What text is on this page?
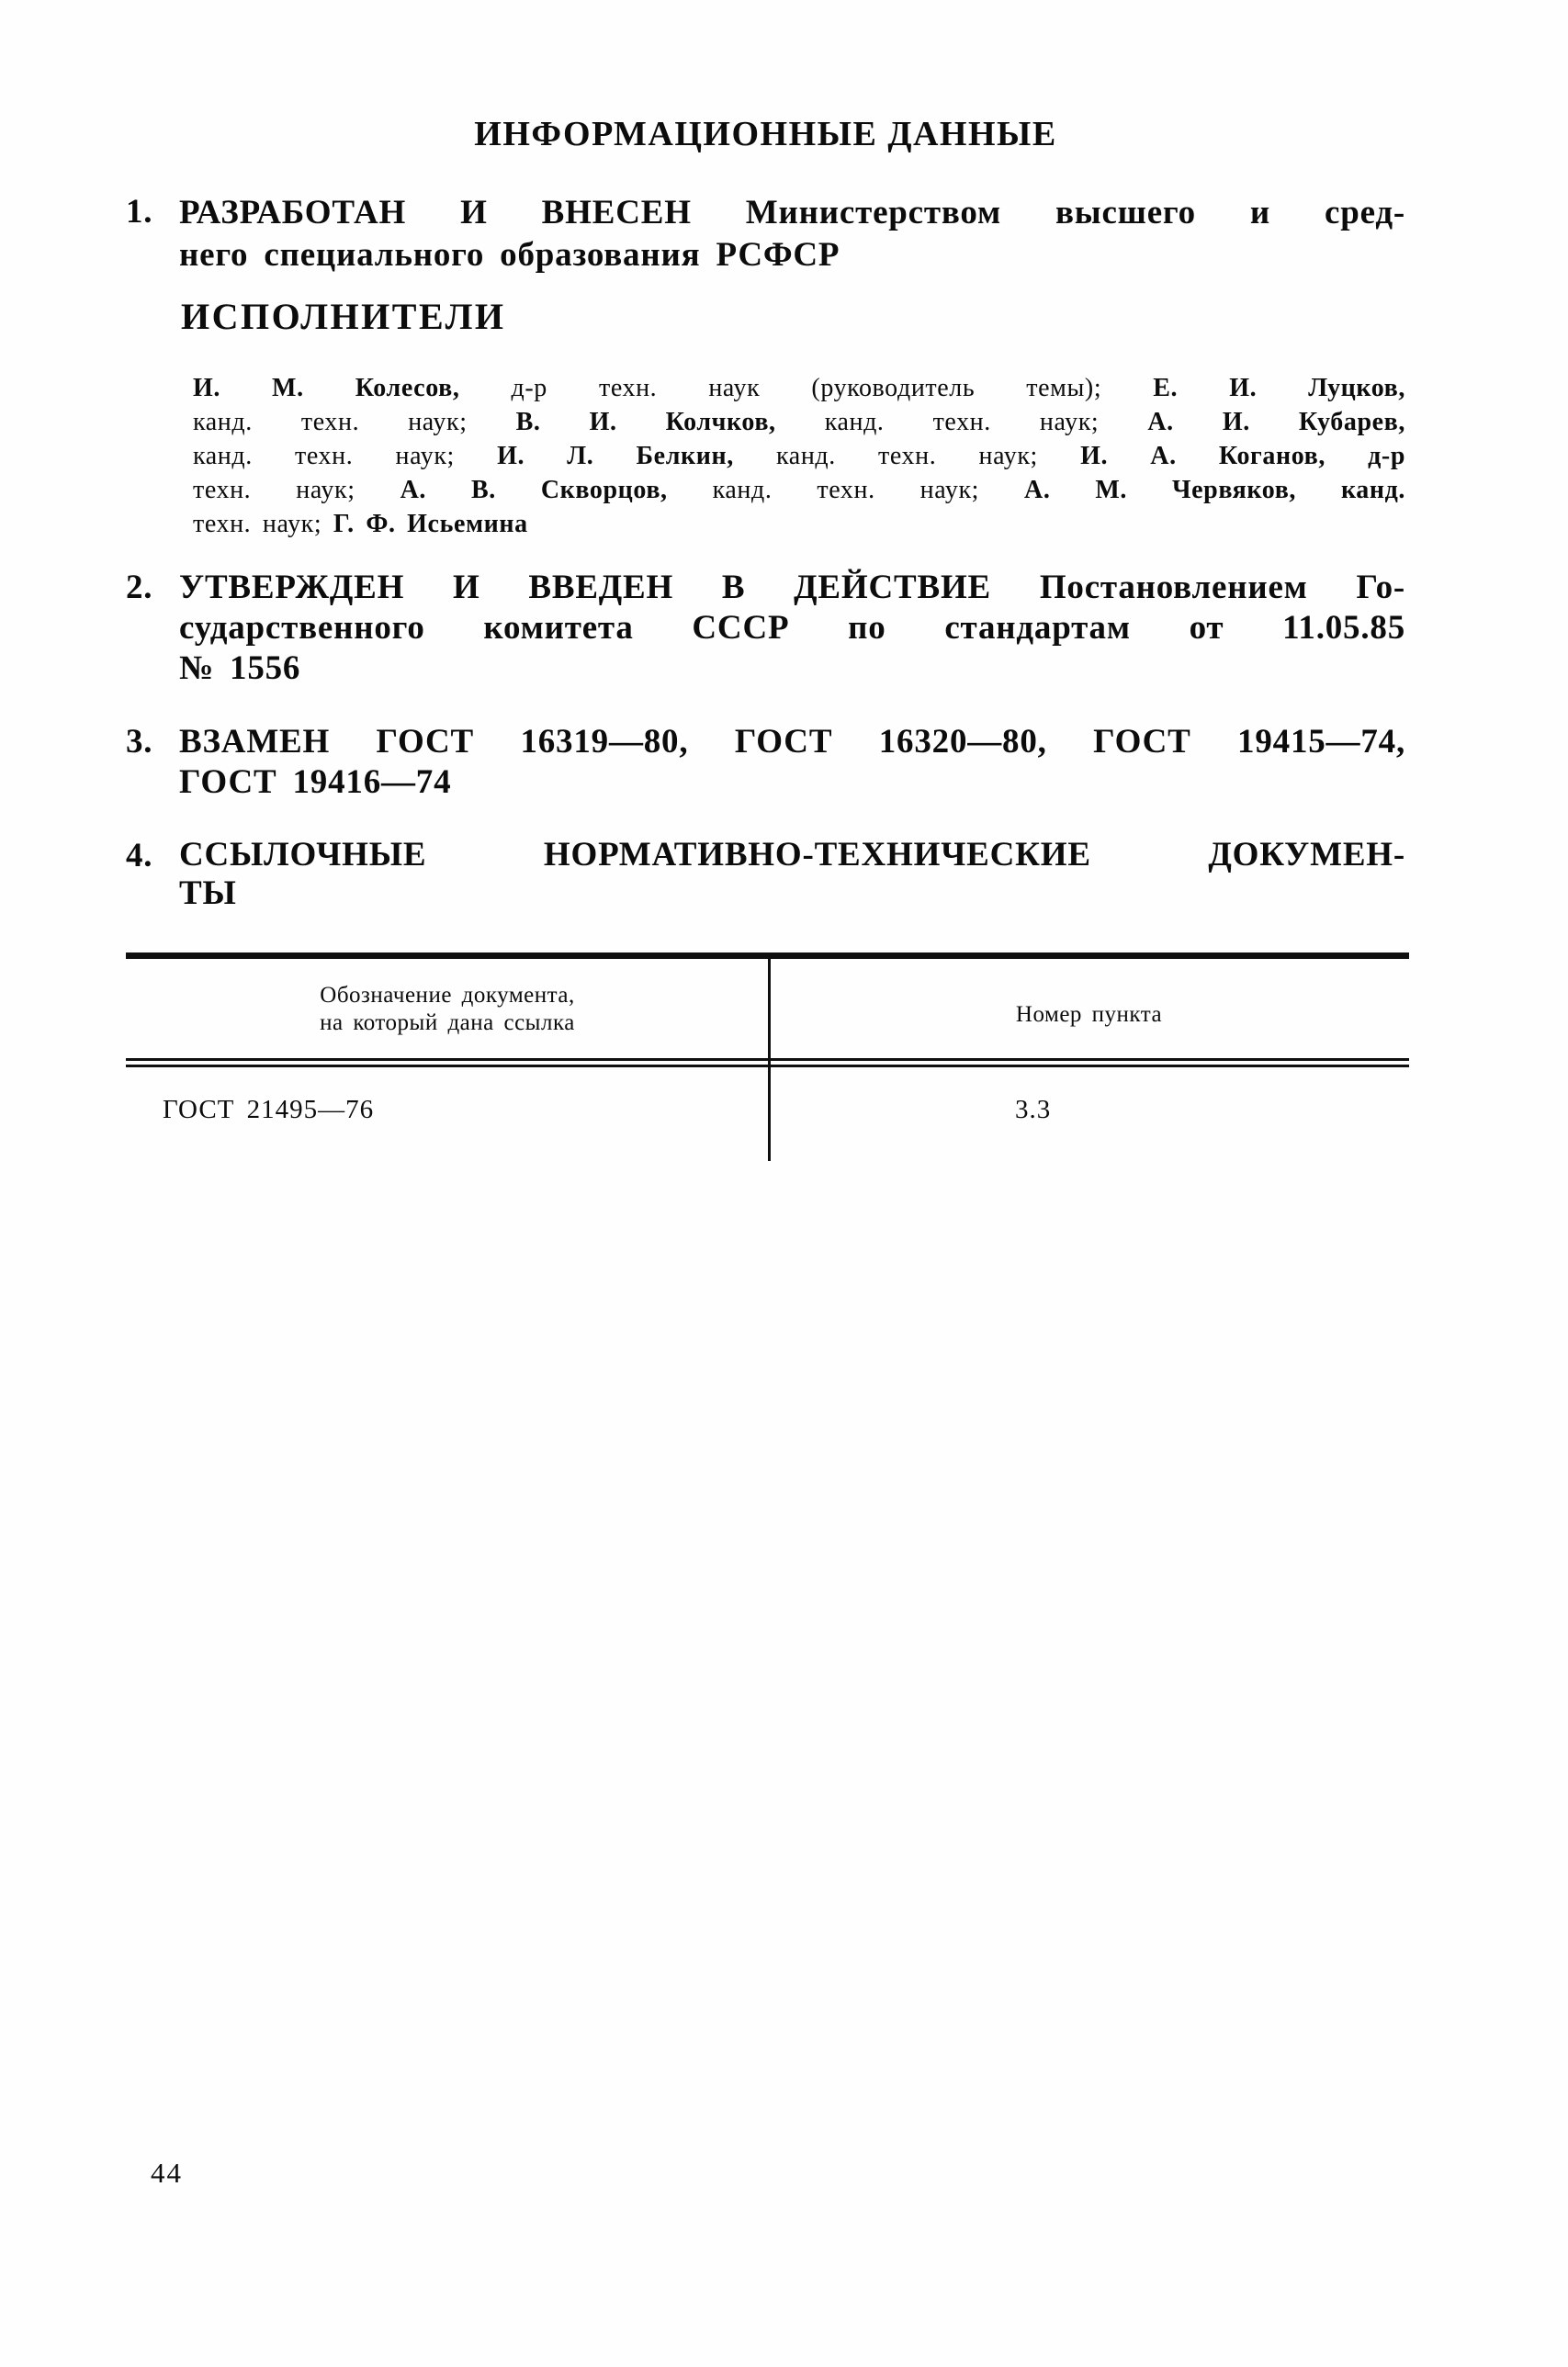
ИНФОРМАЦИОННЫЕ ДАННЫЕ
1. РАЗРАБОТАН И ВНЕСЕН Министерством высшего и сред-
него специального образования РСФСР
ИСПОЛНИТЕЛИ
И. М. Колесов, д-р техн. наук (руководитель темы); Е. И. Луцков,
канд. техн. наук; В. И. Колчков, канд. техн. наук; А. И. Кубарев,
канд. техн. наук; И. Л. Белкин, канд. техн. наук; И. А. Коганов, д-р
техн. наук; А. В. Скворцов, канд. техн. наук; А. М. Червяков, канд.
техн. наук; Г. Ф. Исьемина
2. УТВЕРЖДЕН И ВВЕДЕН В ДЕЙСТВИЕ Постановлением Го-
сударственного комитета СССР по стандартам от 11.05.85
№ 1556
3. ВЗАМЕН ГОСТ 16319—80, ГОСТ 16320—80, ГОСТ 19415—74,
ГОСТ 19416—74
4. ССЫЛОЧНЫЕ НОРМАТИВНО-ТЕХНИЧЕСКИЕ ДОКУМЕН-
ТЫ
Обозначение документа,
на который дана ссылка	Номер пункта
ГОСТ 21495—76	3.3
44
